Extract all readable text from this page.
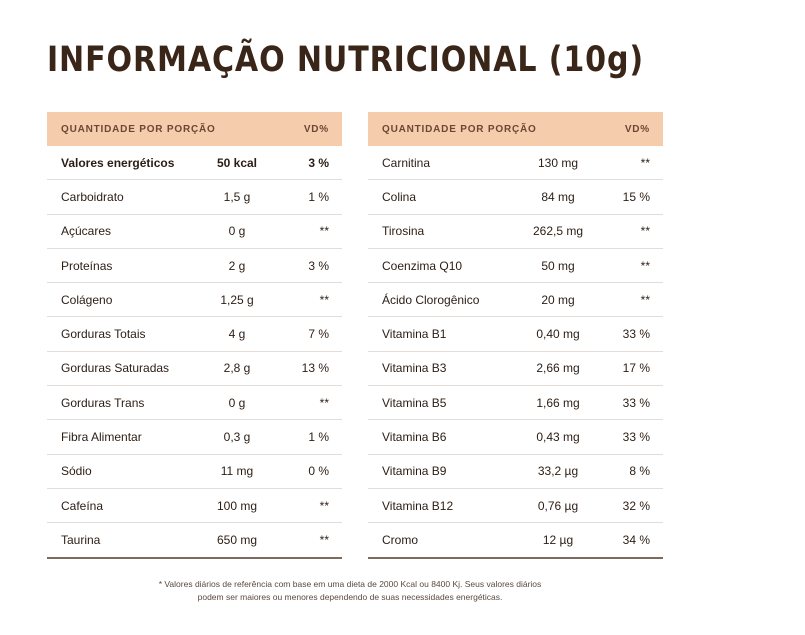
INFORMAÇÃO NUTRICIONAL (10g)
QUANTIDADE POR PORÇÃO	VD%
Valores energéticos	50 kcal	3 %
Carboidrato	1,5 g	1 %
Açúcares	0 g	**
Proteínas	2 g	3 %
Colágeno	1,25 g	**
Gorduras Totais	4 g	7 %
Gorduras Saturadas	2,8 g	13 %
Gorduras Trans	0 g	**
Fibra Alimentar	0,3 g	1 %
Sódio	11 mg	0 %
Cafeína	100 mg	**
Taurina	650 mg	**
QUANTIDADE POR PORÇÃO	VD%
Carnitina	130 mg	**
Colina	84 mg	15 %
Tirosina	262,5 mg	**
Coenzima Q10	50 mg	**
Ácido Clorogênico	20 mg	**
Vitamina B1	0,40 mg	33 %
Vitamina B3	2,66 mg	17 %
Vitamina B5	1,66 mg	33 %
Vitamina B6	0,43 mg	33 %
Vitamina B9	33,2 µg	8 %
Vitamina B12	0,76 µg	32 %
Cromo	12 µg	34 %
* Valores diários de referência com base em uma dieta de 2000 Kcal ou 8400 Kj. Seus valores diários
podem ser maiores ou menores dependendo de suas necessidades energéticas.
